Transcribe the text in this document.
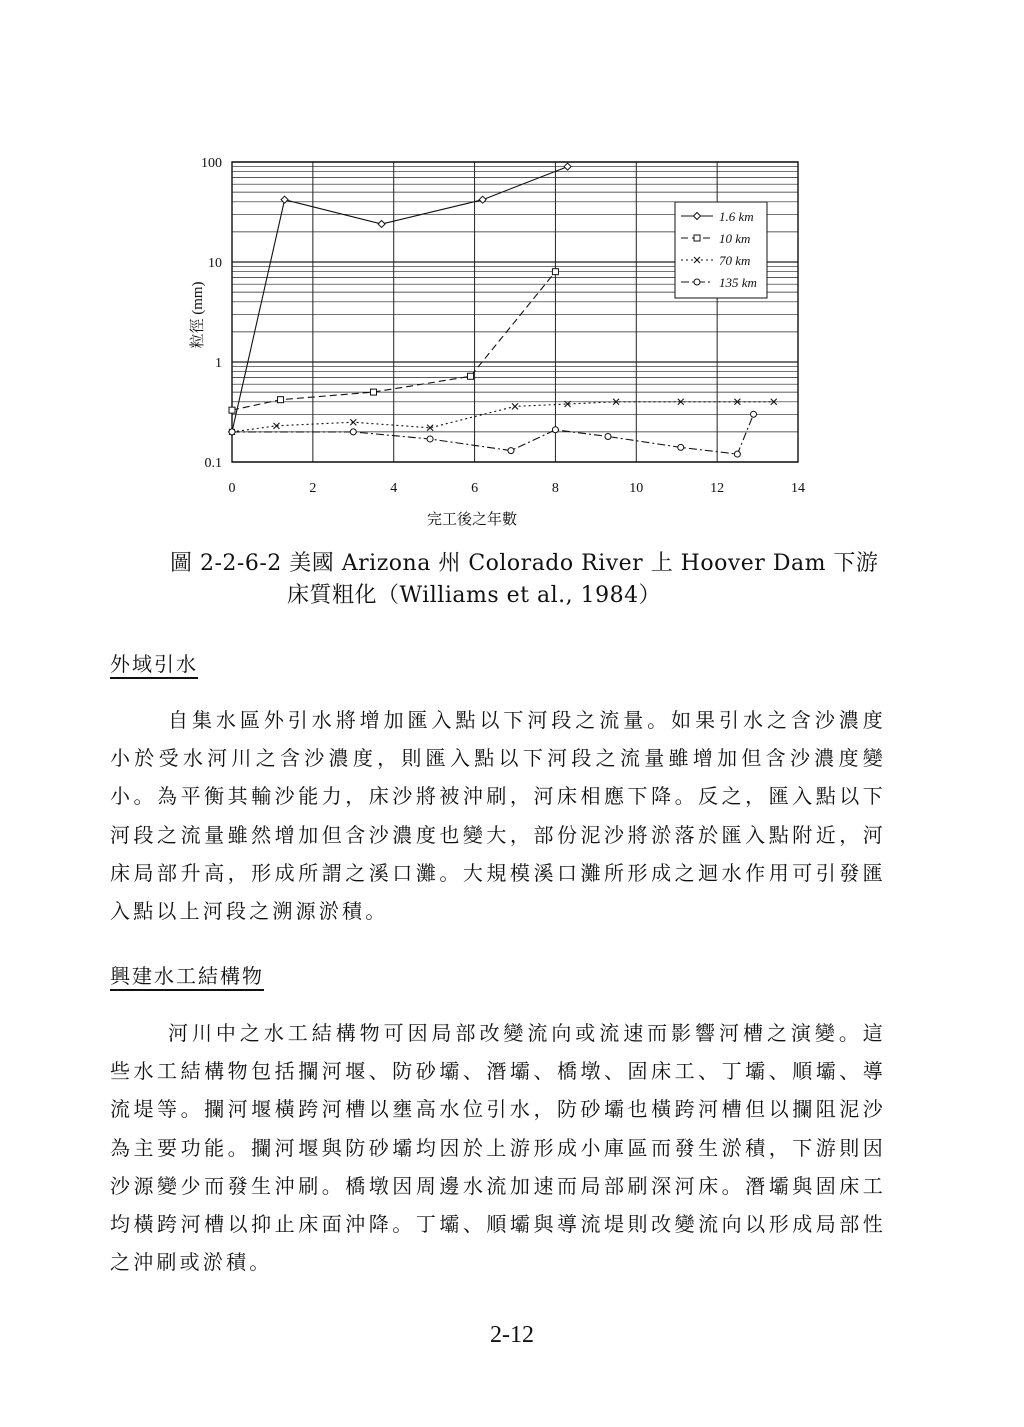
0	2	4	6	8	10	12	14
0.1
1
10
100
粒徑 (mm)
完工後之年數
1.6 km
10 km
70 km
135 km
圖 2-2-6-2 美國 Arizona 州 Colorado River 上 Hoover Dam 下游
床質粗化（Williams et al., 1984）
外域引水
自集水區外引水將增加匯入點以下河段之流量。如果引水之含沙濃度小於受水河川之含沙濃度，則匯入點以下河段之流量雖增加但含沙濃度變小。為平衡其輸沙能力，床沙將被沖刷，河床相應下降。反之，匯入點以下河段之流量雖然增加但含沙濃度也變大，部份泥沙將淤落於匯入點附近，河床局部升高，形成所謂之溪口灘。大規模溪口灘所形成之迴水作用可引發匯入點以上河段之溯源淤積。
興建水工結構物
河川中之水工結構物可因局部改變流向或流速而影響河槽之演變。這些水工結構物包括攔河堰、防砂壩、潛壩、橋墩、固床工、丁壩、順壩、導流堤等。攔河堰橫跨河槽以壅高水位引水，防砂壩也橫跨河槽但以攔阻泥沙為主要功能。攔河堰與防砂壩均因於上游形成小庫區而發生淤積，下游則因沙源變少而發生沖刷。橋墩因周邊水流加速而局部刷深河床。潛壩與固床工均橫跨河槽以抑止床面沖降。丁壩、順壩與導流堤則改變流向以形成局部性之沖刷或淤積。
2-12
